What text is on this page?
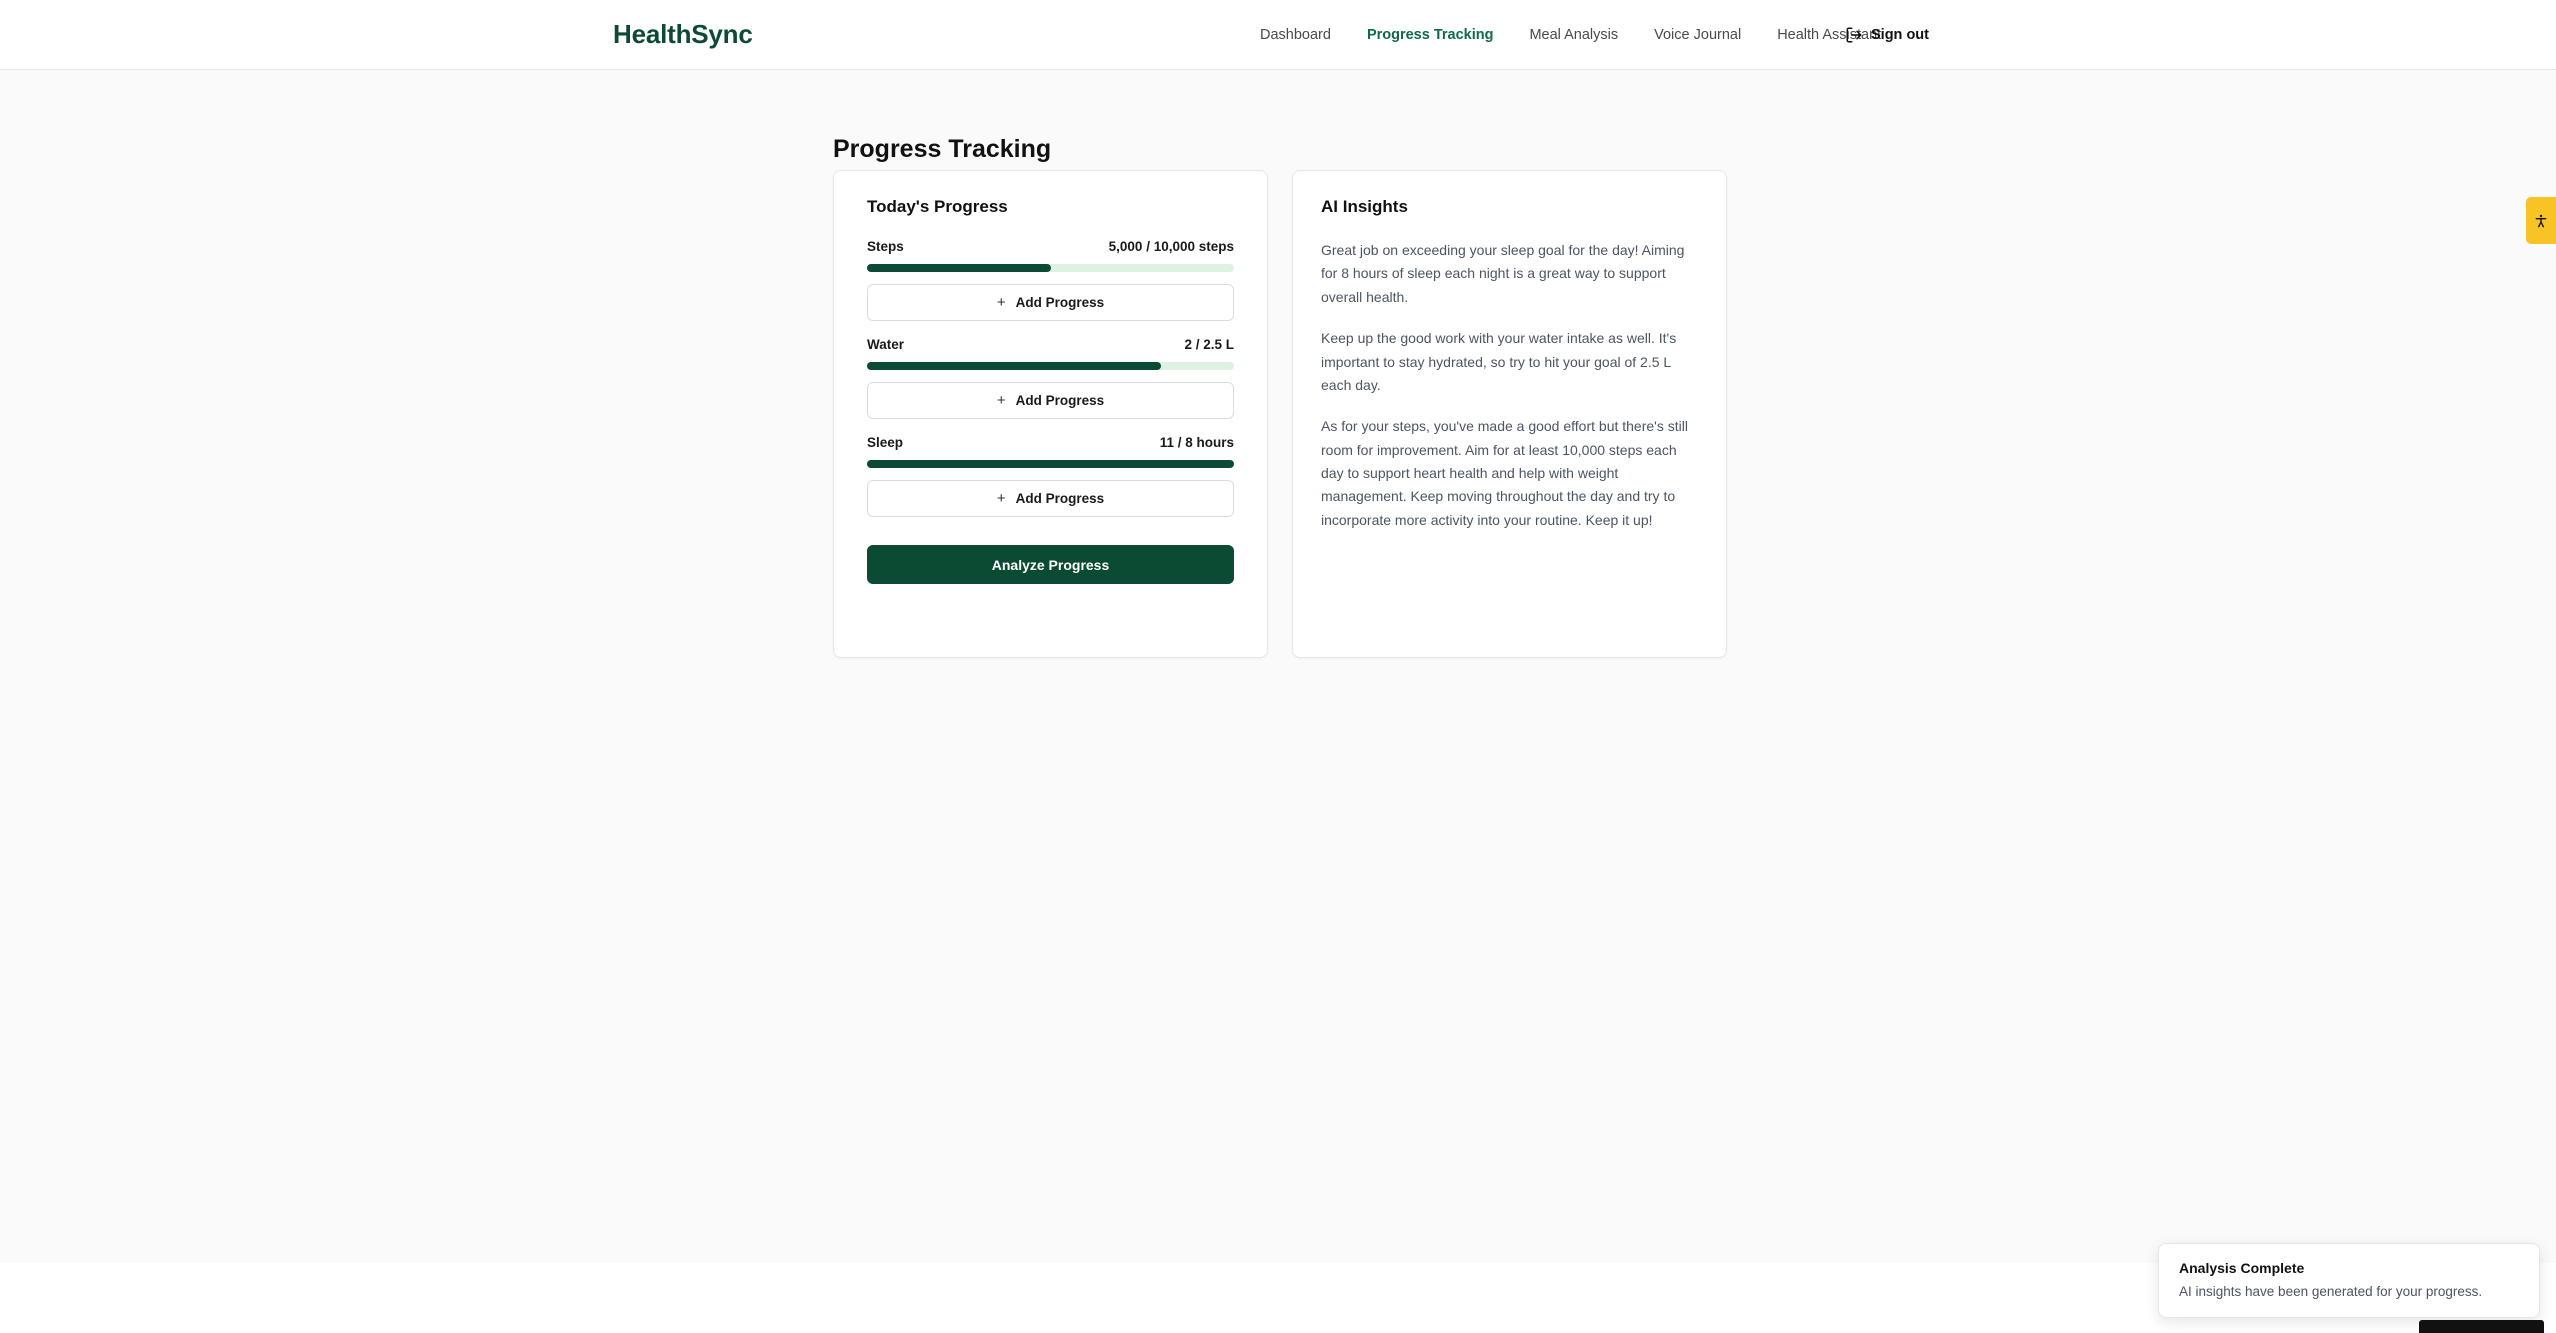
HealthSync	Dashboard Progress Tracking Meal Analysis Voice Journal Health Assistant
Sign out
Progress Tracking
Today's Progress
Steps	5,000 / 10,000 steps
+ Add Progress
Water	2 / 2.5 L
+ Add Progress
Sleep	11 / 8 hours
+ Add Progress
Analyze Progress
AI Insights

Great job on exceeding your sleep goal for the day! Aiming for 8 hours of sleep each night is a great way to support overall health.

Keep up the good work with your water intake as well. It's important to stay hydrated, so try to hit your goal of 2.5 L each day.

As for your steps, you've made a good effort but there's still room for improvement. Aim for at least 10,000 steps each day to support heart health and help with weight management. Keep moving throughout the day and try to incorporate more activity into your routine. Keep it up!

Analysis Complete
AI insights have been generated for your progress.
